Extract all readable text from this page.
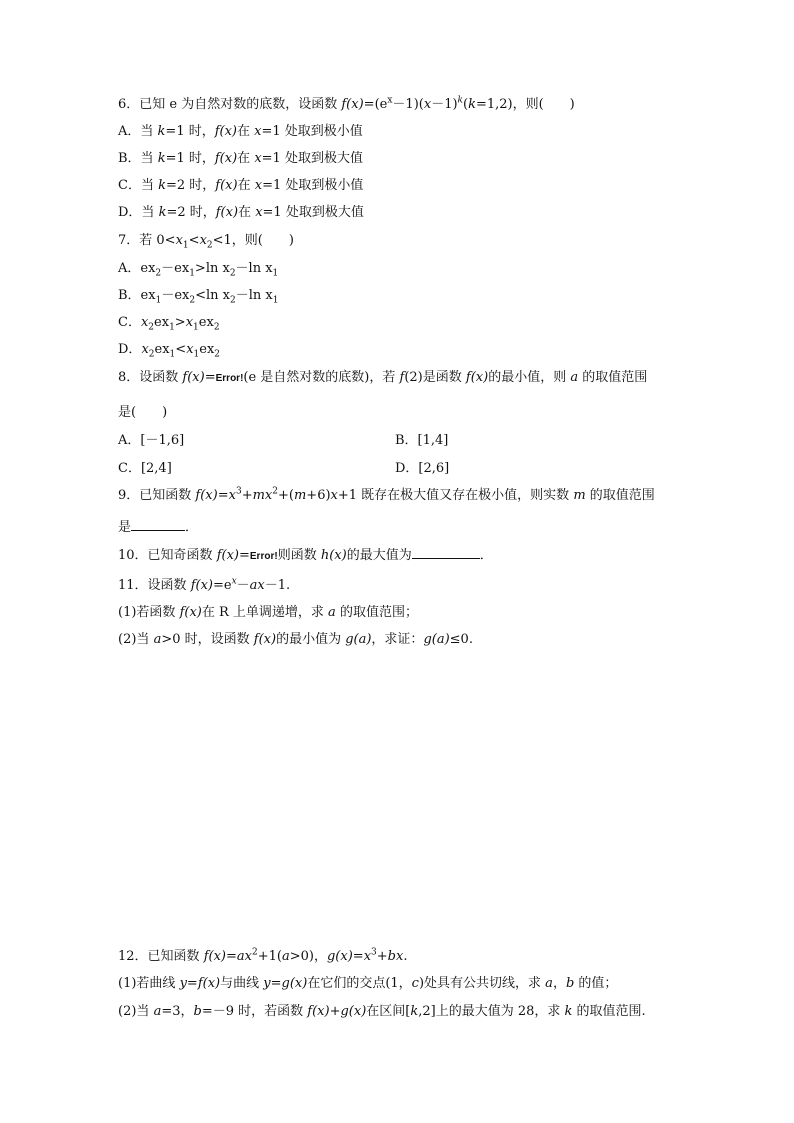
6．已知 e 为自然对数的底数，设函数 $f(x)=(e^x-1)(x-1)^k(k=1,2)$，则(　　)
A．当 k=1 时，f(x)在 x=1 处取到极小值
B．当 k=1 时，f(x)在 x=1 处取到极大值
C．当 k=2 时，f(x)在 x=1 处取到极小值
D．当 k=2 时，f(x)在 x=1 处取到极大值
7．若 $0<x_1<x_2<1$，则(　　)
A．$ex_2-ex_1>\ln$ $x_2-\ln$ $x_1$
B．$ex_1-ex_2<\ln$ $x_2-\ln$ $x_1$
C．$x_2ex_1>x_1ex_2$
D．$x_2ex_1<x_1ex_2$
8．设函数 f(x)=Error!(e 是自然对数的底数)，若 f(2)是函数 f(x)的最小值，则 a 的取值范围
是(　　)
A．[－1,6]	B．[1,4]
C．[2,4]	D．[2,6]
9．已知函数 $f(x)=x^3+mx^2+(m+6)x+1$ 既存在极大值又存在极小值，则实数 m 的取值范围
是	．
10．已知奇函数 f(x)=Error!则函数 h(x)的最大值为	．
11．设函数 $f(x)=e^x-ax-1$.
(1)若函数 f(x)在 R 上单调递增，求 a 的取值范围；
(2)当 a>0 时，设函数 f(x)的最小值为 g(a)，求证：g(a)≤0.
12．已知函数 $f(x)=ax^2+1(a>0)$，$g(x)=x^3+bx$.
(1)若曲线 y=f(x)与曲线 y=g(x)在它们的交点(1，c)处具有公共切线，求 a，b 的值；
(2)当 a=3，b=－9 时，若函数 f(x)+g(x)在区间[k,2]上的最大值为 28，求 k 的取值范围.
